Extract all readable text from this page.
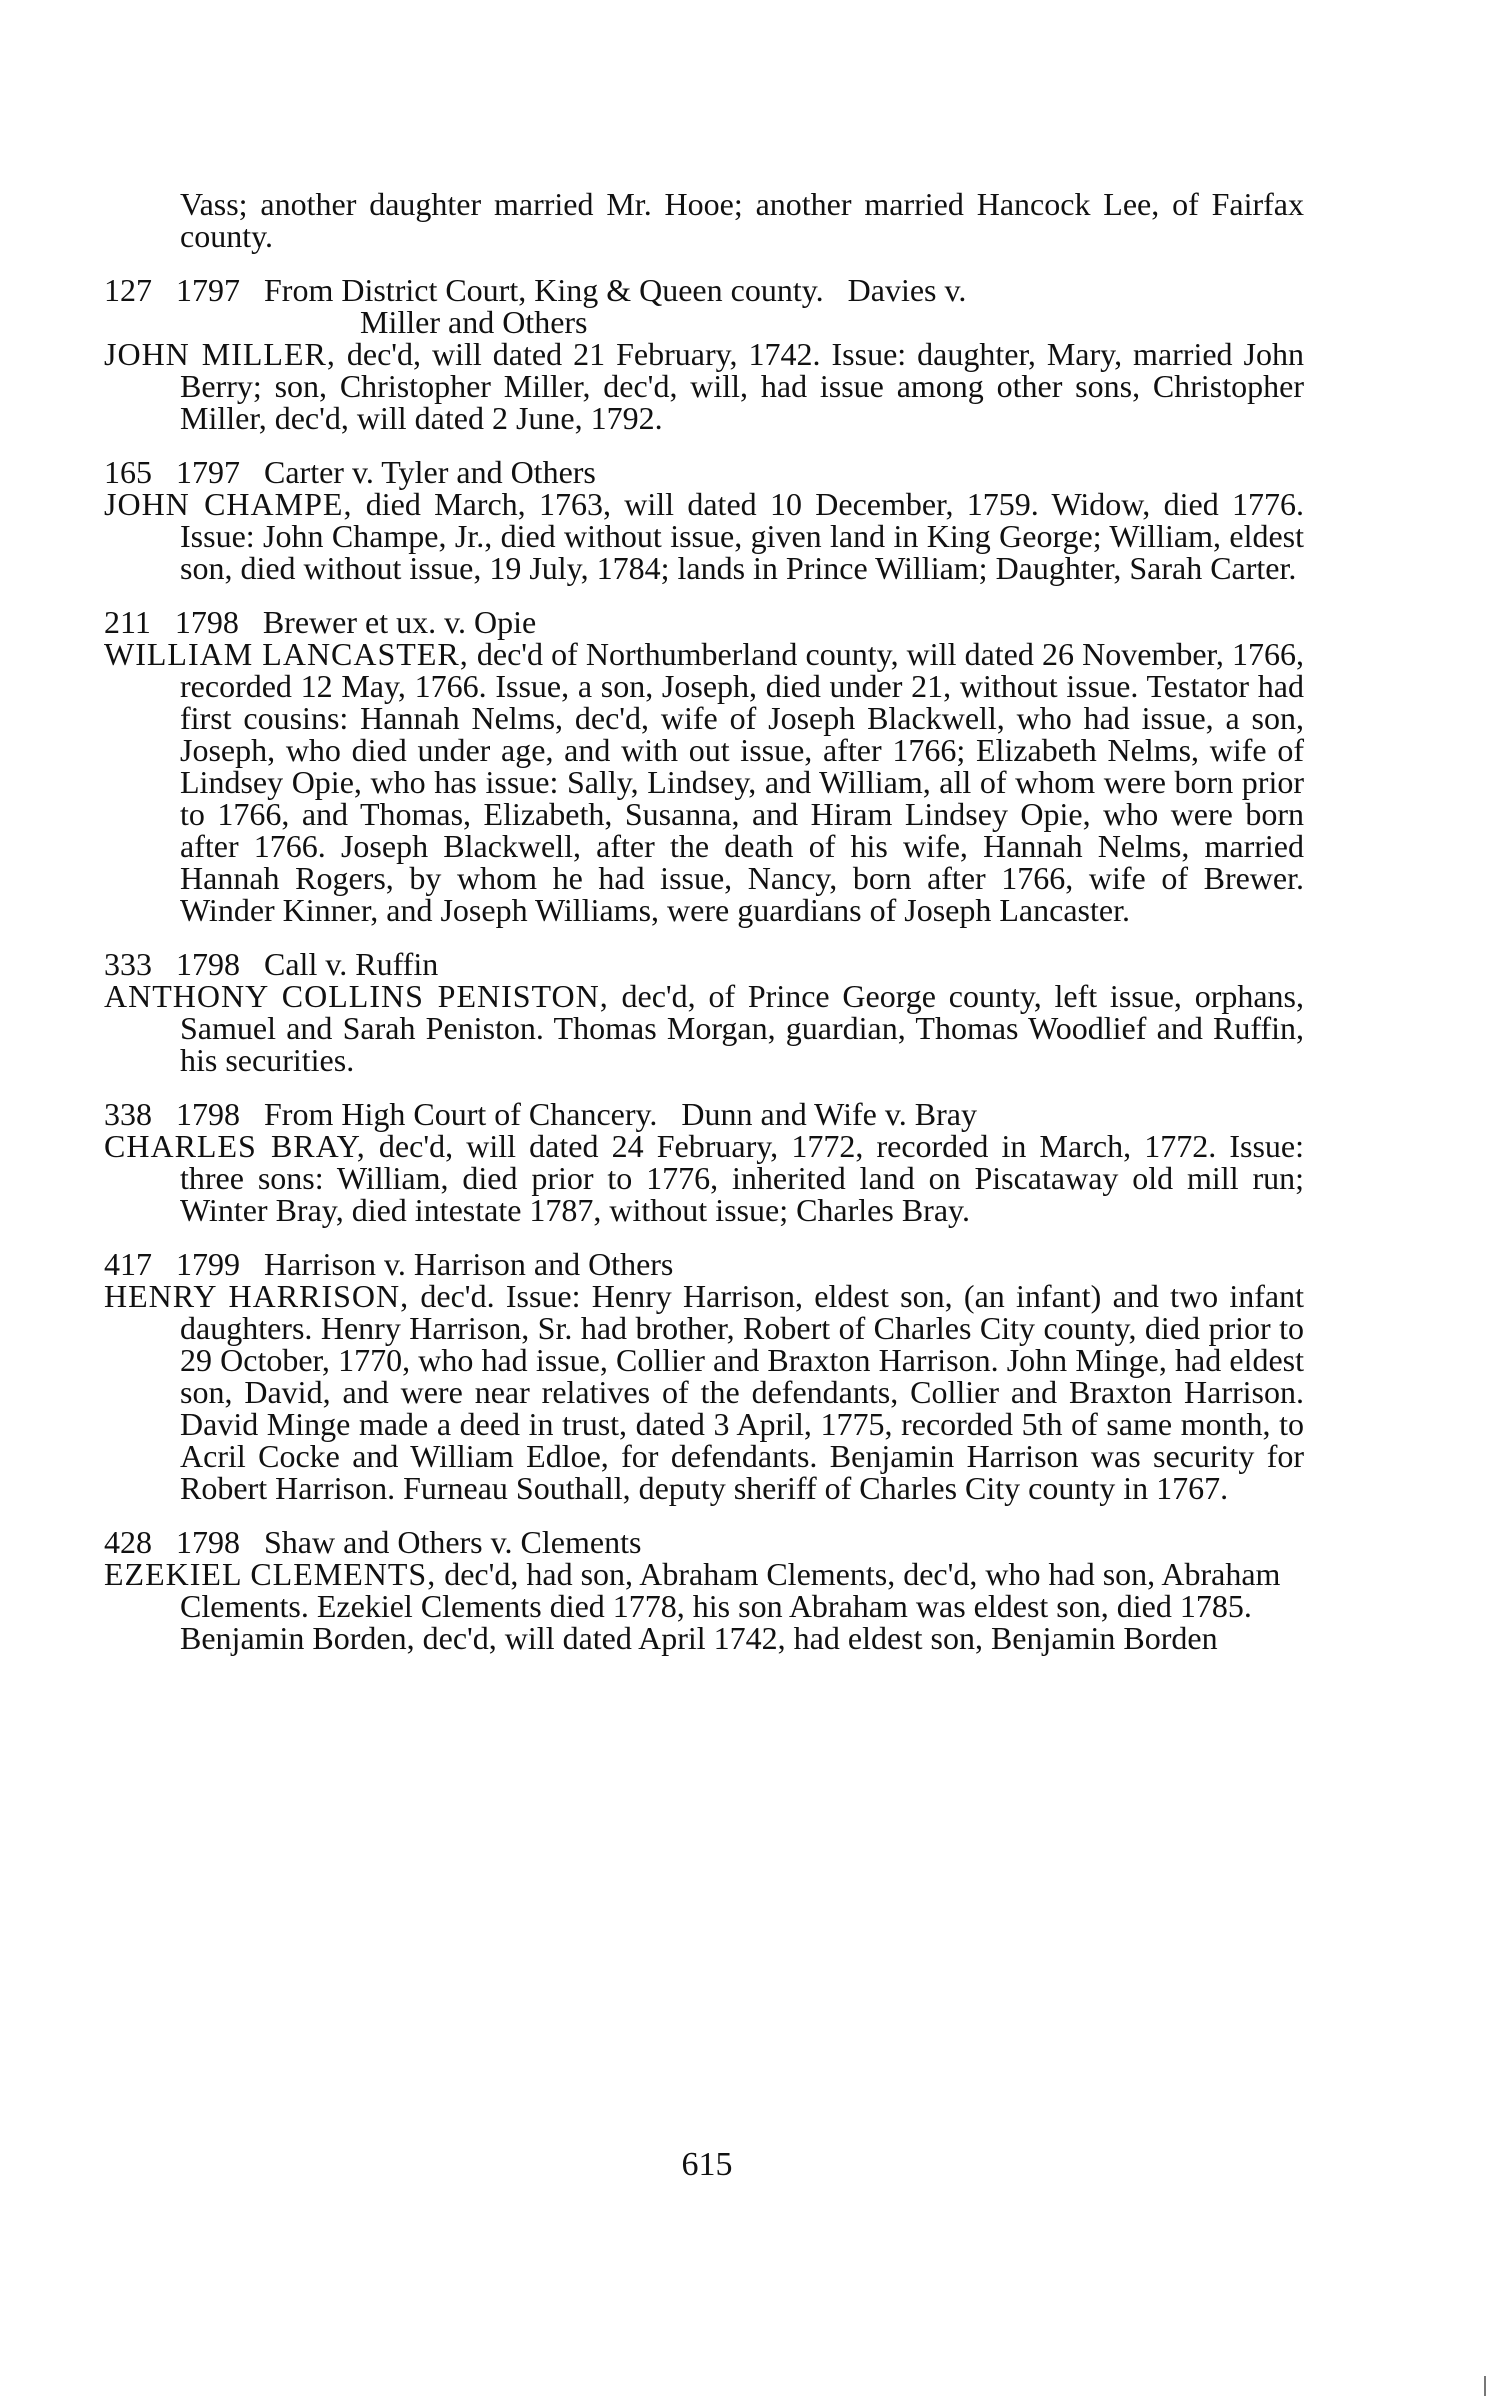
Vass; another daughter married Mr. Hooe; another married Hancock Lee, of Fairfax county.

127   1797   From District Court, King & Queen county.   Davies v.

Miller and Others

JOHN MILLER, dec'd, will dated 21 February, 1742. Issue: daughter, Mary, married John Berry; son, Christopher Miller, dec'd, will, had issue among other sons, Christopher Miller, dec'd, will dated 2 June, 1792.

165   1797   Carter v. Tyler and Others

JOHN CHAMPE, died March, 1763, will dated 10 December, 1759. Widow, died 1776. Issue: John Champe, Jr., died without issue, given land in King George; William, eldest son, died without issue, 19 July, 1784; lands in Prince William; Daughter, Sarah Carter.

211   1798   Brewer et ux. v. Opie

WILLIAM LANCASTER, dec'd of Northumberland county, will dated 26 November, 1766, recorded 12 May, 1766. Issue, a son, Joseph, died under 21, without issue. Testator had first cousins: Hannah Nelms, dec'd, wife of Joseph Blackwell, who had issue, a son, Joseph, who died under age, and with out issue, after 1766; Elizabeth Nelms, wife of Lindsey Opie, who has issue: Sally, Lindsey, and William, all of whom were born prior to 1766, and Thomas, Elizabeth, Susanna, and Hiram Lindsey Opie, who were born after 1766. Joseph Blackwell, after the death of his wife, Hannah Nelms, married Hannah Rogers, by whom he had issue, Nancy, born after 1766, wife of Brewer. Winder Kinner, and Joseph Williams, were guardians of Joseph Lancaster.

333   1798   Call v. Ruffin

ANTHONY COLLINS PENISTON, dec'd, of Prince George county, left issue, orphans, Samuel and Sarah Peniston. Thomas Morgan, guardian, Thomas Woodlief and Ruffin, his securities.

338   1798   From High Court of Chancery.   Dunn and Wife v. Bray

CHARLES BRAY, dec'd, will dated 24 February, 1772, recorded in March, 1772. Issue: three sons: William, died prior to 1776, inherited land on Piscataway old mill run; Winter Bray, died intestate 1787, without issue; Charles Bray.

417   1799   Harrison v. Harrison and Others

HENRY HARRISON, dec'd. Issue: Henry Harrison, eldest son, (an infant) and two infant daughters. Henry Harrison, Sr. had brother, Robert of Charles City county, died prior to 29 October, 1770, who had issue, Collier and Braxton Harrison. John Minge, had eldest son, David, and were near relatives of the defendants, Collier and Braxton Harrison. David Minge made a deed in trust, dated 3 April, 1775, recorded 5th of same month, to Acril Cocke and William Edloe, for defendants. Benjamin Harrison was security for Robert Harrison. Furneau Southall, deputy sheriff of Charles City county in 1767.

428   1798   Shaw and Others v. Clements

EZEKIEL CLEMENTS, dec'd, had son, Abraham Clements, dec'd, who had son, Abraham Clements. Ezekiel Clements died 1778, his son Abraham was eldest son, died 1785. Benjamin Borden, dec'd, will dated April 1742, had eldest son, Benjamin Borden

615
